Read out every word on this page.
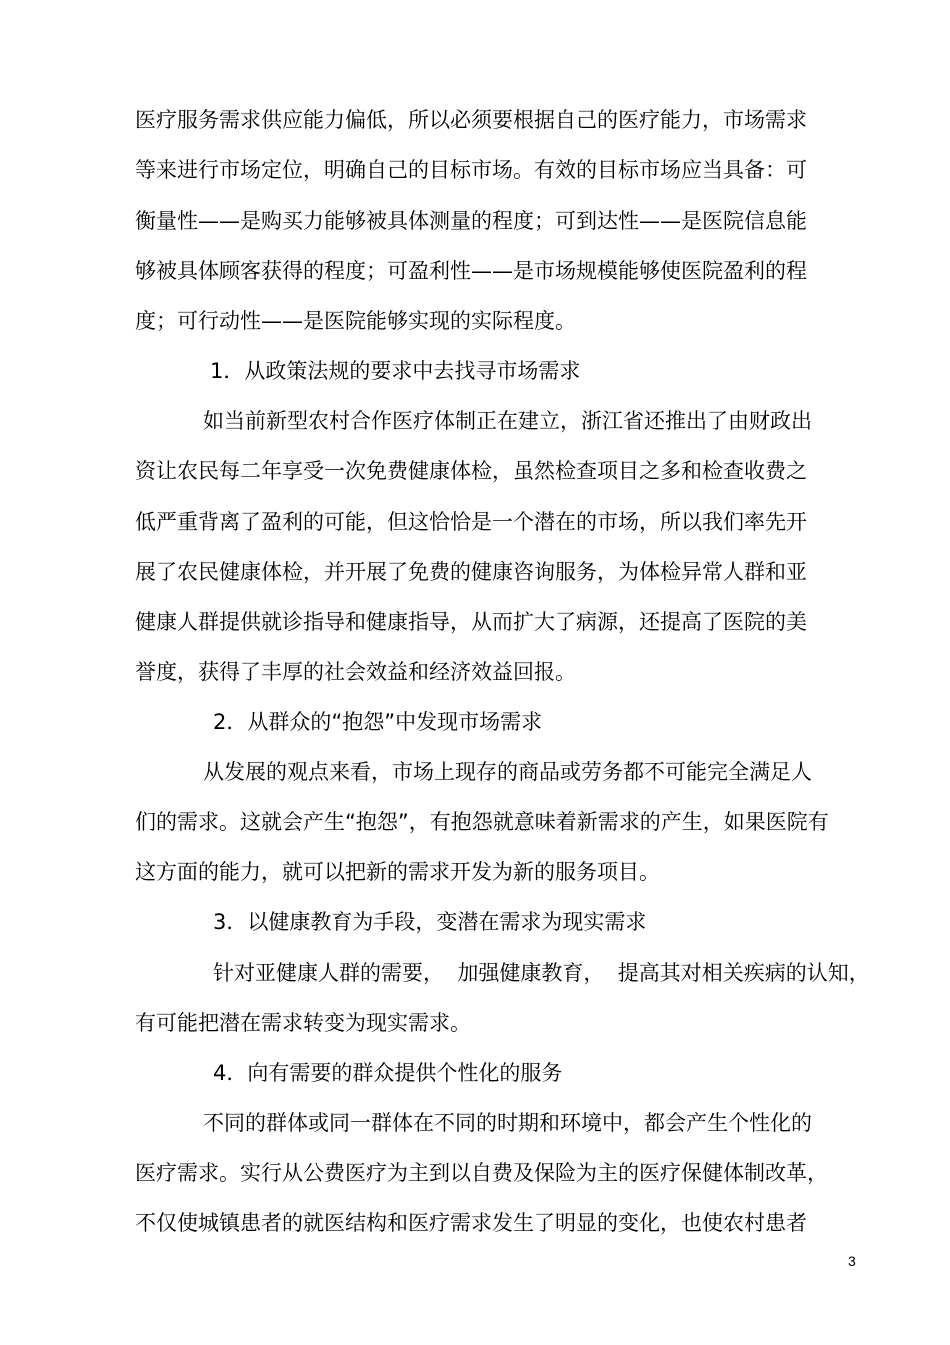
医疗服务需求供应能力偏低，所以必须要根据自己的医疗能力，市场需求
等来进行市场定位，明确自己的目标市场。有效的目标市场应当具备：可
衡量性——是购买力能够被具体测量的程度；可到达性——是医院信息能
够被具体顾客获得的程度；可盈利性——是市场规模能够使医院盈利的程
度；可行动性——是医院能够实现的实际程度。
1．从政策法规的要求中去找寻市场需求
如当前新型农村合作医疗体制正在建立，浙江省还推出了由财政出
资让农民每二年享受一次免费健康体检，虽然检查项目之多和检查收费之
低严重背离了盈利的可能，但这恰恰是一个潜在的市场，所以我们率先开
展了农民健康体检，并开展了免费的健康咨询服务，为体检异常人群和亚
健康人群提供就诊指导和健康指导，从而扩大了病源，还提高了医院的美
誉度，获得了丰厚的社会效益和经济效益回报。
2．从群众的“抱怨”中发现市场需求
从发展的观点来看，市场上现存的商品或劳务都不可能完全满足人
们的需求。这就会产生“抱怨”，有抱怨就意味着新需求的产生，如果医院有
这方面的能力，就可以把新的需求开发为新的服务项目。
3．以健康教育为手段，变潜在需求为现实需求
针对亚健康人群的需要，  加强健康教育，  提高其对相关疾病的认知，
有可能把潜在需求转变为现实需求。
4．向有需要的群众提供个性化的服务
不同的群体或同一群体在不同的时期和环境中，都会产生个性化的
医疗需求。实行从公费医疗为主到以自费及保险为主的医疗保健体制改革，
不仅使城镇患者的就医结构和医疗需求发生了明显的变化，也使农村患者
3
